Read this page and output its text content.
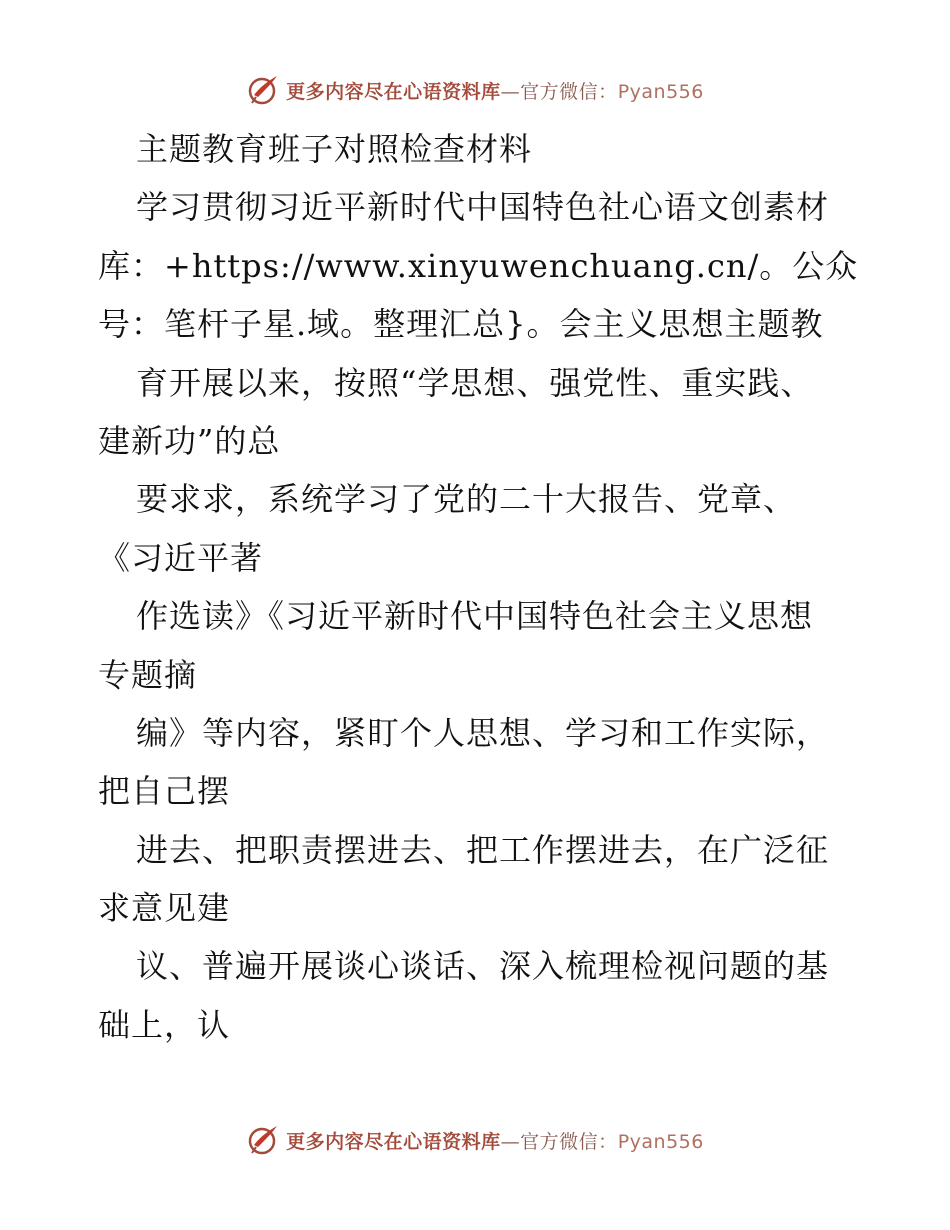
更多内容尽在心语资料库—官方微信：Pyan556
主题教育班子对照检查材料
学习贯彻习近平新时代中国特色社心语文创素材
库：+https://www.xinyuwenchuang.cn/。公众
号：笔杆子星.域。整理汇总}。会主义思想主题教
育开展以来，按照“学思想、强党性、重实践、
建新功”的总
要求求，系统学习了党的二十大报告、党章、
《习近平著
作选读》《习近平新时代中国特色社会主义思想
专题摘
编》等内容，紧盯个人思想、学习和工作实际，
把自己摆
进去、把职责摆进去、把工作摆进去，在广泛征
求意见建
议、普遍开展谈心谈话、深入梳理检视问题的基
础上，认
更多内容尽在心语资料库—官方微信：Pyan556
